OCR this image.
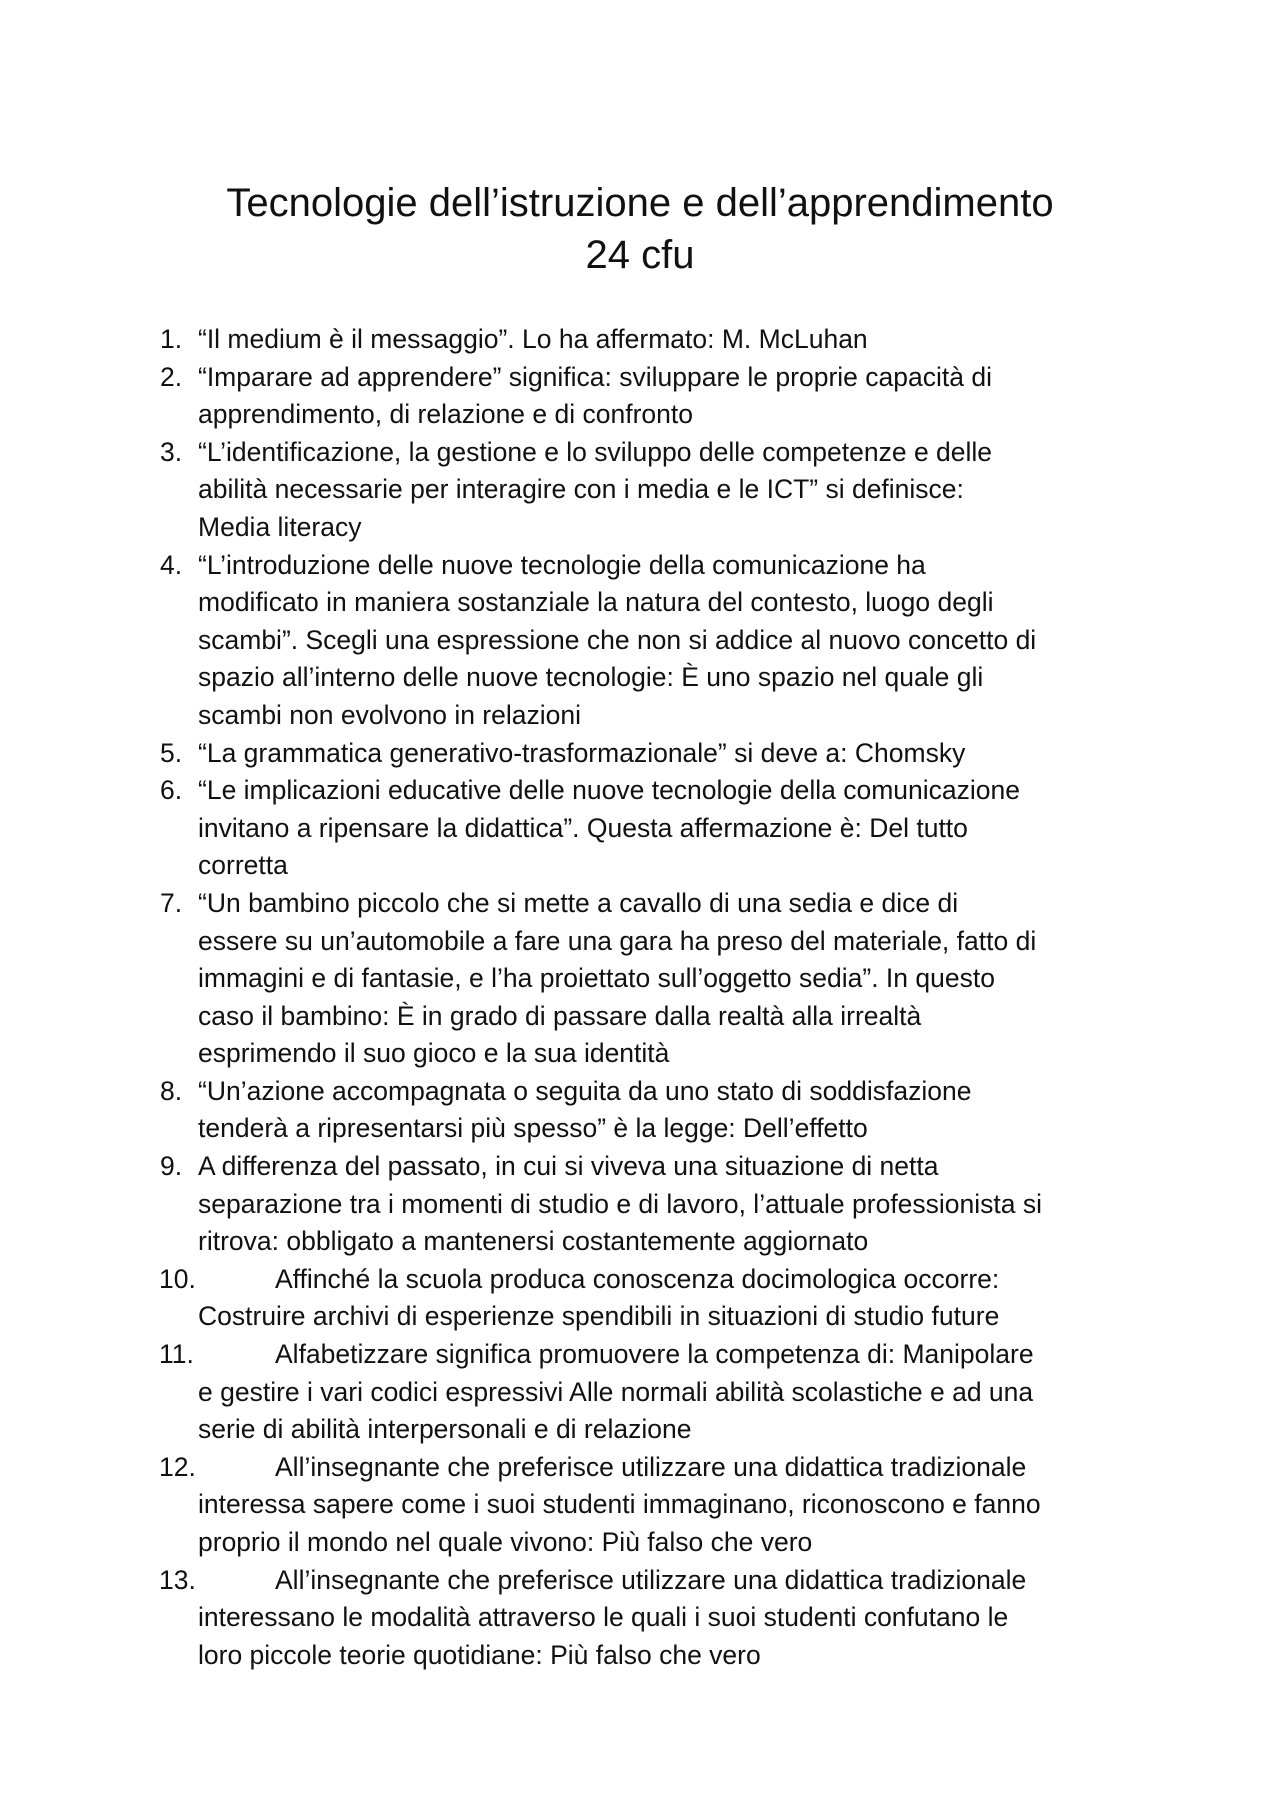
Tecnologie dell’istruzione e dell’apprendimento
24 cfu
1. “Il medium è il messaggio”. Lo ha affermato: M. McLuhan
2. “Imparare ad apprendere” significa: sviluppare le proprie capacità di
apprendimento, di relazione e di confronto
3. “L’identificazione, la gestione e lo sviluppo delle competenze e delle
abilità necessarie per interagire con i media e le ICT” si definisce:
Media literacy
4. “L’introduzione delle nuove tecnologie della comunicazione ha
modificato in maniera sostanziale la natura del contesto, luogo degli
scambi”. Scegli una espressione che non si addice al nuovo concetto di
spazio all’interno delle nuove tecnologie: È uno spazio nel quale gli
scambi non evolvono in relazioni
5. “La grammatica generativo-trasformazionale” si deve a: Chomsky
6. “Le implicazioni educative delle nuove tecnologie della comunicazione
invitano a ripensare la didattica”. Questa affermazione è: Del tutto
corretta
7. “Un bambino piccolo che si mette a cavallo di una sedia e dice di
essere su un’automobile a fare una gara ha preso del materiale, fatto di
immagini e di fantasie, e l’ha proiettato sull’oggetto sedia”. In questo
caso il bambino: È in grado di passare dalla realtà alla irrealtà
esprimendo il suo gioco e la sua identità
8. “Un’azione accompagnata o seguita da uno stato di soddisfazione
tenderà a ripresentarsi più spesso” è la legge: Dell’effetto
9. A differenza del passato, in cui si viveva una situazione di netta
separazione tra i momenti di studio e di lavoro, l’attuale professionista si
ritrova: obbligato a mantenersi costantemente aggiornato
10.	Affinché la scuola produca conoscenza docimologica occorre:
Costruire archivi di esperienze spendibili in situazioni di studio future
11.	Alfabetizzare significa promuovere la competenza di: Manipolare
e gestire i vari codici espressivi Alle normali abilità scolastiche e ad una
serie di abilità interpersonali e di relazione
12.	All’insegnante che preferisce utilizzare una didattica tradizionale
interessa sapere come i suoi studenti immaginano, riconoscono e fanno
proprio il mondo nel quale vivono: Più falso che vero
13.	All’insegnante che preferisce utilizzare una didattica tradizionale
interessano le modalità attraverso le quali i suoi studenti confutano le
loro piccole teorie quotidiane: Più falso che vero
